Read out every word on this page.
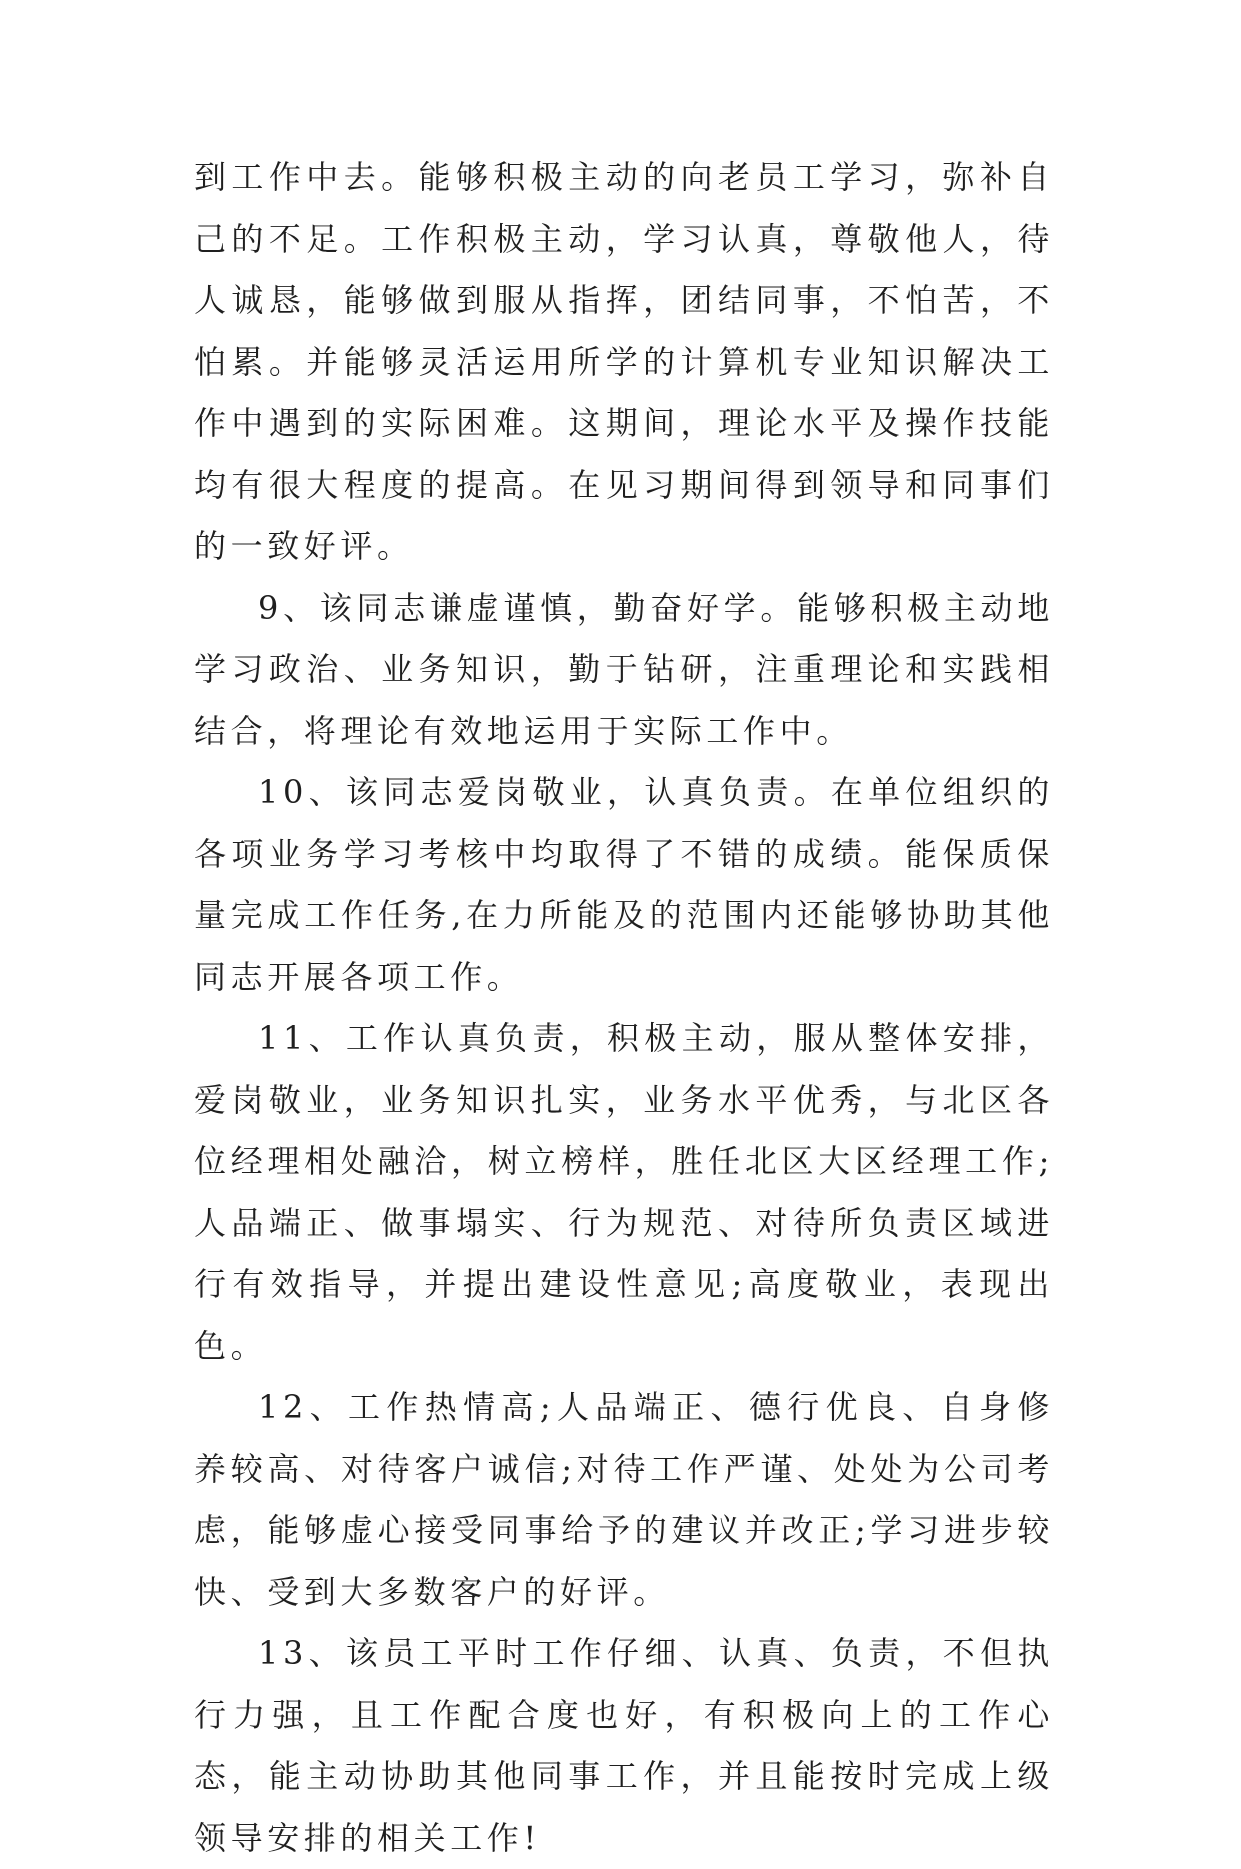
到工作中去。能够积极主动的向老员工学习，弥补自己的不足。工作积极主动，学习认真，尊敬他人，待人诚恳，能够做到服从指挥，团结同事，不怕苦，不怕累。并能够灵活运用所学的计算机专业知识解决工作中遇到的实际困难。这期间，理论水平及操作技能均有很大程度的提高。在见习期间得到领导和同事们的一致好评。

9、该同志谦虚谨慎，勤奋好学。能够积极主动地学习政治、业务知识，勤于钻研，注重理论和实践相结合，将理论有效地运用于实际工作中。

10、该同志爱岗敬业，认真负责。在单位组织的各项业务学习考核中均取得了不错的成绩。能保质保量完成工作任务,在力所能及的范围内还能够协助其他同志开展各项工作。

11、工作认真负责，积极主动，服从整体安排，爱岗敬业，业务知识扎实，业务水平优秀，与北区各位经理相处融洽，树立榜样，胜任北区大区经理工作;人品端正、做事塌实、行为规范、对待所负责区域进行有效指导，并提出建设性意见;高度敬业，表现出色。

12、工作热情高;人品端正、德行优良、自身修养较高、对待客户诚信;对待工作严谨、处处为公司考虑，能够虚心接受同事给予的建议并改正;学习进步较快、受到大多数客户的好评。

13、该员工平时工作仔细、认真、负责，不但执行力强，且工作配合度也好，有积极向上的工作心态，能主动协助其他同事工作，并且能按时完成上级领导安排的相关工作!
